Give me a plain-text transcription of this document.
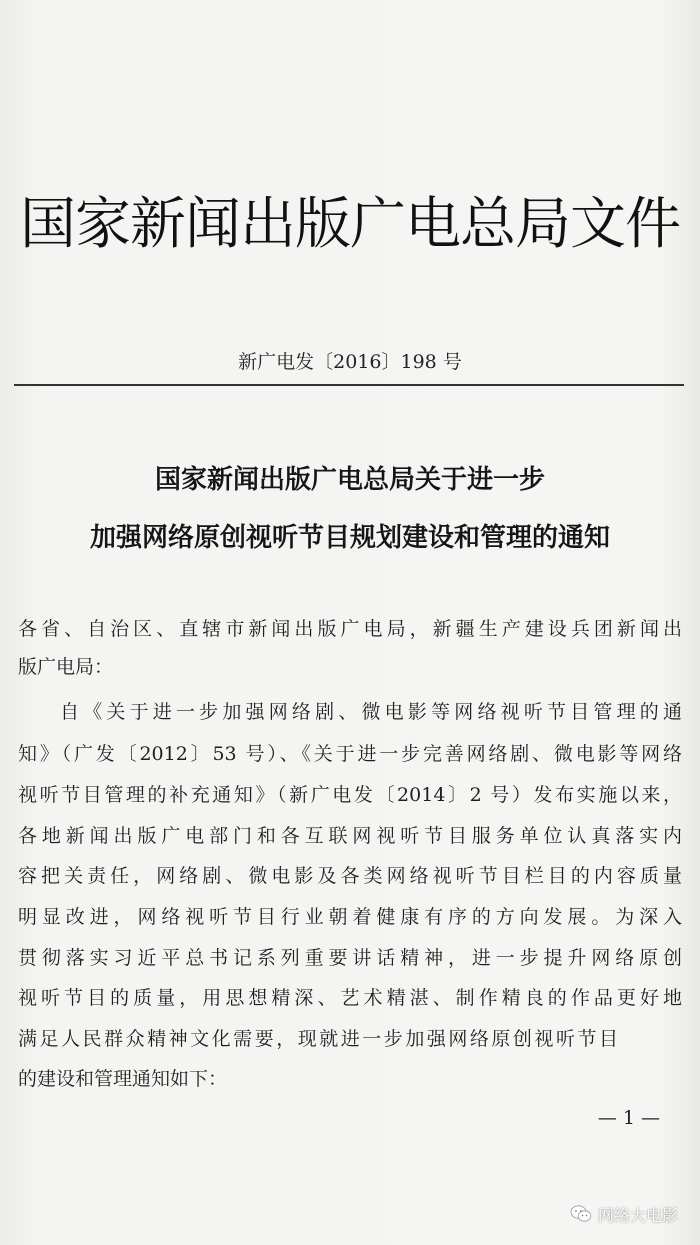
国家新闻出版广电总局文件
新广电发〔2016〕198 号
国家新闻出版广电总局关于进一步
加强网络原创视听节目规划建设和管理的通知
各省、自治区、直辖市新闻出版广电局，新疆生产建设兵团新闻出
版广电局：
自《关于进一步加强网络剧、微电影等网络视听节目管理的通
知》（广发〔2012〕53 号）、《关于进一步完善网络剧、微电影等网络
视听节目管理的补充通知》（新广电发〔2014〕2 号）发布实施以来，
各地新闻出版广电部门和各互联网视听节目服务单位认真落实内
容把关责任，网络剧、微电影及各类网络视听节目栏目的内容质量
明显改进，网络视听节目行业朝着健康有序的方向发展。为深入
贯彻落实习近平总书记系列重要讲话精神，进一步提升网络原创
视听节目的质量，用思想精深、艺术精湛、制作精良的作品更好地
满足人民群众精神文化需要，现就进一步加强网络原创视听节目
的建设和管理通知如下：
— 1 —
网络大电影
